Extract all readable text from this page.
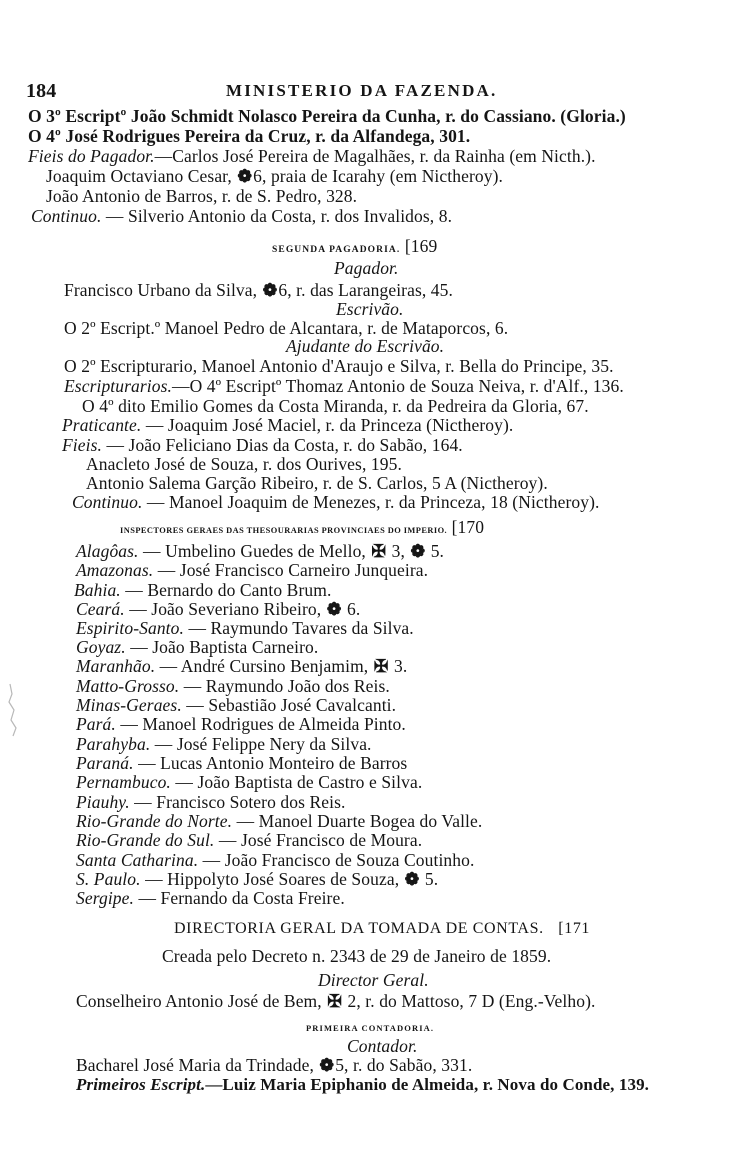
184	MINISTERIO DA FAZENDA.
O 3º Escriptº João Schmidt Nolasco Pereira da Cunha, r. do Cassiano. (Gloria.)
O 4º José Rodrigues Pereira da Cruz, r. da Alfandega, 301.
Fieis do Pagador.—Carlos José Pereira de Magalhães, r. da Rainha (em Nicth.).
Joaquim Octaviano Cesar, ❁6, praia de Icarahy (em Nictheroy).
João Antonio de Barros, r. de S. Pedro, 328.
Continuo. — Silverio Antonio da Costa, r. dos Invalidos, 8.
SEGUNDA PAGADORIA. [169
Pagador.
Francisco Urbano da Silva, ❁6, r. das Larangeiras, 45.
Escrivão.
O 2º Escript.º Manoel Pedro de Alcantara, r. de Mataporcos, 6.
Ajudante do Escrivão.
O 2º Escripturario, Manoel Antonio d'Araujo e Silva, r. Bella do Principe, 35.
Escripturarios.—O 4º Escriptº Thomaz Antonio de Souza Neiva, r. d'Alf., 136.
O 4º dito Emilio Gomes da Costa Miranda, r. da Pedreira da Gloria, 67.
Praticante. — Joaquim José Maciel, r. da Princeza (Nictheroy).
Fieis. — João Feliciano Dias da Costa, r. do Sabão, 164.
Anacleto José de Souza, r. dos Ourives, 195.
Antonio Salema Garção Ribeiro, r. de S. Carlos, 5 A (Nictheroy).
Continuo. — Manoel Joaquim de Menezes, r. da Princeza, 18 (Nictheroy).
INSPECTORES GERAES DAS THESOURARIAS PROVINCIAES DO IMPERIO. [170
Alagôas. — Umbelino Guedes de Mello, ✠ 3, ❁ 5.
Amazonas. — José Francisco Carneiro Junqueira.
Bahia. — Bernardo do Canto Brum.
Ceará. — João Severiano Ribeiro, ❁ 6.
Espirito-Santo. — Raymundo Tavares da Silva.
Goyaz. — João Baptista Carneiro.
Maranhão. — André Cursino Benjamim, ✠ 3.
Matto-Grosso. — Raymundo João dos Reis.
Minas-Geraes. — Sebastião José Cavalcanti.
Pará. — Manoel Rodrigues de Almeida Pinto.
Parahyba. — José Felippe Nery da Silva.
Paraná. — Lucas Antonio Monteiro de Barros
Pernambuco. — João Baptista de Castro e Silva.
Piauhy. — Francisco Sotero dos Reis.
Rio-Grande do Norte. — Manoel Duarte Bogea do Valle.
Rio-Grande do Sul. — José Francisco de Moura.
Santa Catharina. — João Francisco de Souza Coutinho.
S. Paulo. — Hippolyto José Soares de Souza, ❁ 5.
Sergipe. — Fernando da Costa Freire.
DIRECTORIA GERAL DA TOMADA DE CONTAS. [171
Creada pelo Decreto n. 2343 de 29 de Janeiro de 1859.
Director Geral.
Conselheiro Antonio José de Bem, ✠ 2, r. do Mattoso, 7 D (Eng.-Velho).
PRIMEIRA CONTADORIA.
Contador.
Bacharel José Maria da Trindade, ❁5, r. do Sabão, 331.
Primeiros Escript.—Luiz Maria Epiphanio de Almeida, r. Nova do Conde, 139.
